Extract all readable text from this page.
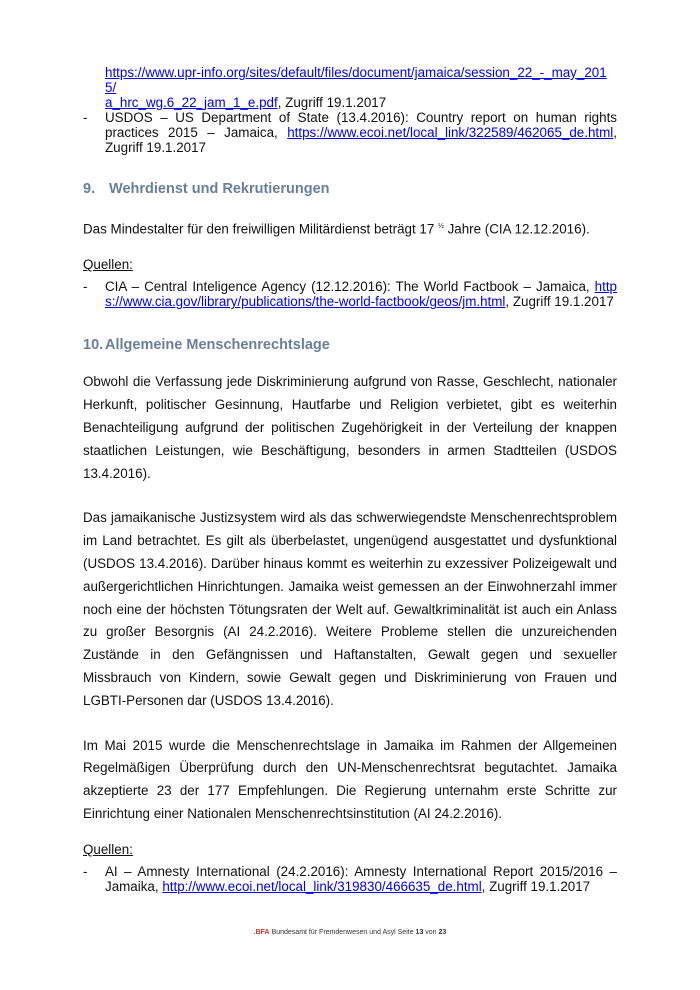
https://www.upr-info.org/sites/default/files/document/jamaica/session_22_-_may_2015/
a_hrc_wg.6_22_jam_1_e.pdf, Zugriff 19.1.2017
- USDOS – US Department of State (13.4.2016): Country report on human rights practices 2015 – Jamaica, https://www.ecoi.net/local_link/322589/462065_de.html, Zugriff 19.1.2017
9. Wehrdienst und Rekrutierungen

Das Mindestalter für den freiwilligen Militärdienst beträgt 17 $^{\frac{1}{2}}$ Jahre (CIA 12.12.2016).

Quellen:

- CIA – Central Inteligence Agency (12.12.2016): The World Factbook – Jamaica, https://www.cia.gov/library/publications/the-world-factbook/geos/jm.html, Zugriff 19.1.2017
10. Allgemeine Menschenrechtslage

Obwohl die Verfassung jede Diskriminierung aufgrund von Rasse, Geschlecht, nationaler Herkunft, politischer Gesinnung, Hautfarbe und Religion verbietet, gibt es weiterhin Benachteiligung aufgrund der politischen Zugehörigkeit in der Verteilung der knappen staatlichen Leistungen, wie Beschäftigung, besonders in armen Stadtteilen (USDOS 13.4.2016).

Das jamaikanische Justizsystem wird als das schwerwiegendste Menschenrechtsproblem im Land betrachtet. Es gilt als überbelastet, ungenügend ausgestattet und dysfunktional (USDOS 13.4.2016). Darüber hinaus kommt es weiterhin zu exzessiver Polizeigewalt und außergerichtlichen Hinrichtungen. Jamaika weist gemessen an der Einwohnerzahl immer noch eine der höchsten Tötungsraten der Welt auf. Gewaltkriminalität ist auch ein Anlass zu großer Besorgnis (AI 24.2.2016). Weitere Probleme stellen die unzureichenden Zustände in den Gefängnissen und Haftanstalten, Gewalt gegen und sexueller Missbrauch von Kindern, sowie Gewalt gegen und Diskriminierung von Frauen und LGBTI-Personen dar (USDOS 13.4.2016).

Im Mai 2015 wurde die Menschenrechtslage in Jamaika im Rahmen der Allgemeinen Regelmäßigen Überprüfung durch den UN-Menschenrechtsrat begutachtet. Jamaika akzeptierte 23 der 177 Empfehlungen. Die Regierung unternahm erste Schritte zur Einrichtung einer Nationalen Menschenrechtsinstitution (AI 24.2.2016).

Quellen:

- AI – Amnesty International (24.2.2016): Amnesty International Report 2015/2016 – Jamaika, http://www.ecoi.net/local_link/319830/466635_de.html, Zugriff 19.1.2017
.BFA Bundesamt für Fremdenwesen und Asyl Seite 13 von 23
